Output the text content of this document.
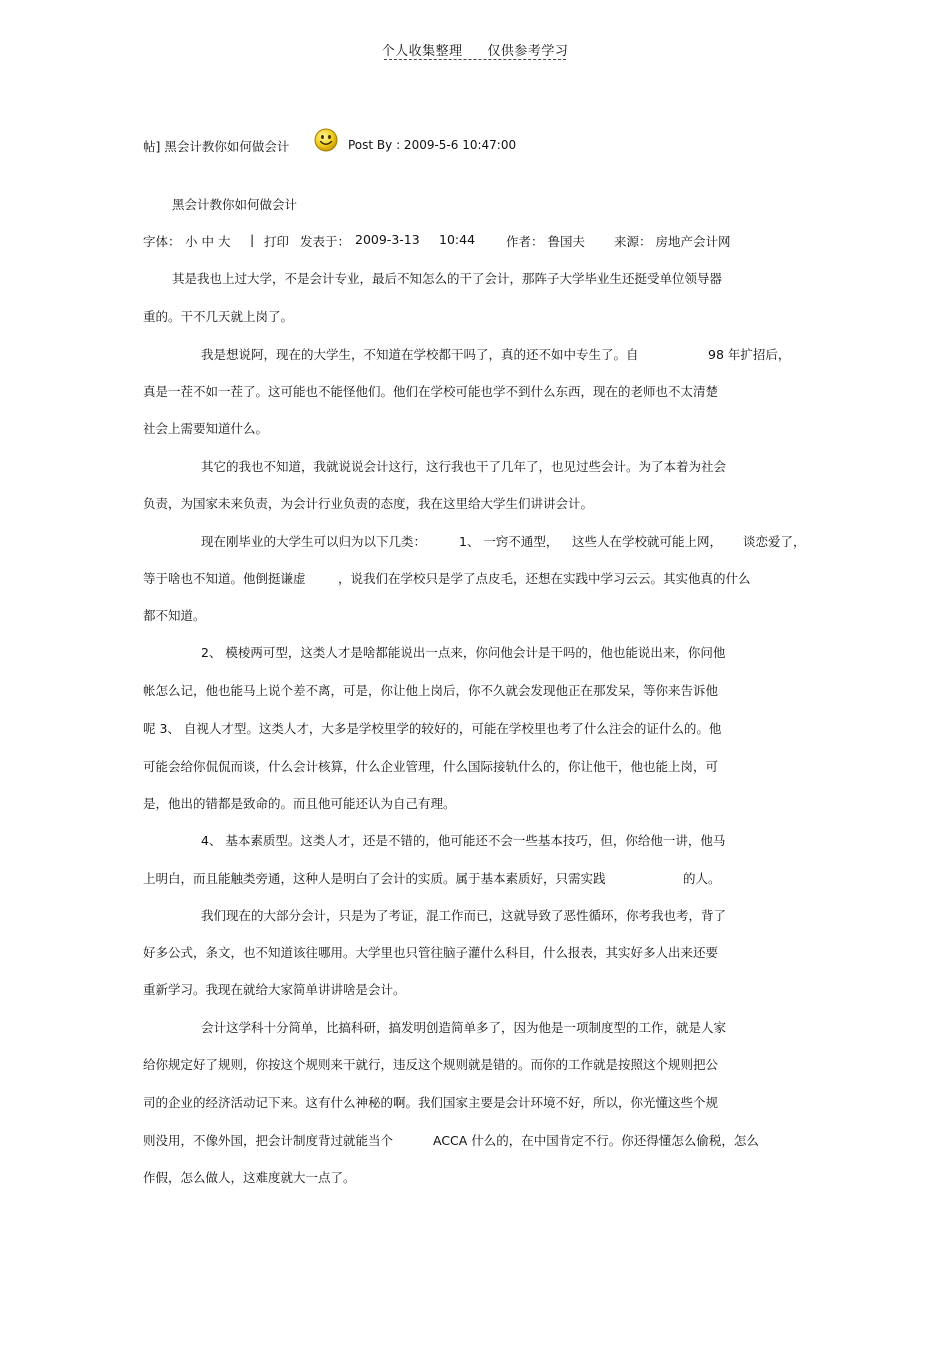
个人收集整理 仅供参考学习
帖] 黑会计教你如何做会计	Post By : 2009-5-6 10:47:00
黑会计教你如何做会计
字体： 小 中 大 | 打印 发表于： 2009-3-13 10:44 作者： 鲁国夫 来源： 房地产会计网
其是我也上过大学，不是会计专业，最后不知怎么的干了会计，那阵子大学毕业生还挺受单位领导器
重的。干不几天就上岗了。
我是想说阿，现在的大学生，不知道在学校都干吗了，真的还不如中专生了。自	98 年扩招后，
真是一茬不如一茬了。这可能也不能怪他们。他们在学校可能也学不到什么东西，现在的老师也不太清楚
社会上需要知道什么。
其它的我也不知道，我就说说会计这行，这行我也干了几年了，也见过些会计。为了本着为社会
负责，为国家未来负责，为会计行业负责的态度，我在这里给大学生们讲讲会计。
现在刚毕业的大学生可以归为以下几类：	1、 一窍不通型， 这些人在学校就可能上网， 谈恋爱了，
等于啥也不知道。他倒挺谦虚	，说我们在学校只是学了点皮毛，还想在实践中学习云云。其实他真的什么
都不知道。
2、 模棱两可型，这类人才是啥都能说出一点来，你问他会计是干吗的，他也能说出来，你问他
帐怎么记，他也能马上说个差不离，可是，你让他上岗后，你不久就会发现他正在那发呆，等你来告诉他
呢 3、 自视人才型。这类人才，大多是学校里学的较好的，可能在学校里也考了什么注会的证什么的。他
可能会给你侃侃而谈，什么会计核算，什么企业管理，什么国际接轨什么的，你让他干，他也能上岗，可
是，他出的错都是致命的。而且他可能还认为自己有理。
4、 基本素质型。这类人才，还是不错的，他可能还不会一些基本技巧，但，你给他一讲，他马
上明白，而且能触类旁通，这种人是明白了会计的实质。属于基本素质好，只需实践	的人。
我们现在的大部分会计，只是为了考证，混工作而已，这就导致了恶性循环，你考我也考，背了
好多公式，条文，也不知道该往哪用。大学里也只管往脑子灌什么科目，什么报表，其实好多人出来还要
重新学习。我现在就给大家简单讲讲啥是会计。
会计这学科十分简单，比搞科研，搞发明创造简单多了，因为他是一项制度型的工作，就是人家
给你规定好了规则，你按这个规则来干就行，违反这个规则就是错的。而你的工作就是按照这个规则把公
司的企业的经济活动记下来。这有什么神秘的啊。我们国家主要是会计环境不好，所以，你光懂这些个规
则没用，不像外国，把会计制度背过就能当个	ACCA 什么的，在中国肯定不行。你还得懂怎么偷税，怎么
作假，怎么做人，这难度就大一点了。
